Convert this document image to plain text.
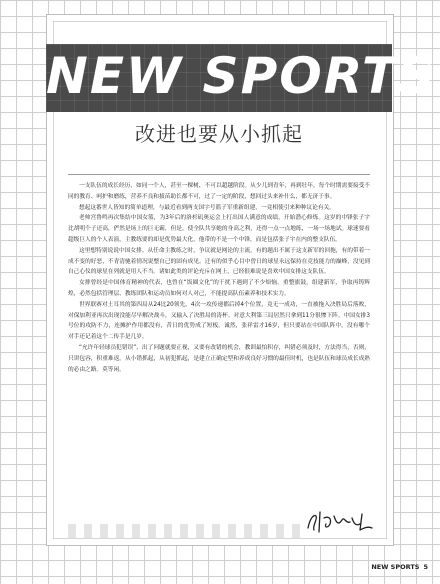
NEW SPORTS
改进也要从小抓起

一支队伍的成长经历，如同一个人，甚至一棵树，不可以超越阶段。从少儿到青年，再到壮年，每个时期需要接受不同的教育、呵护和磨练，营养不良和拔苗助长都不可，过了一定的阶段，想回过头来补什么，都无济于事。

想起这番世人皆知的简单道理，与最近看到两支国字号篮子军重新组建，一竟相使引来种种议论有关。

老帅宫鲁鸣再次集结中国女篮，为3年后的洛杉矶奥运会上打出国人满意的成绩，开始潜心修炼。这岁的中锋张子宇比胡明个子还高，俨然是场上的巨无霸，但是，使全队共享她的身高之利，还得一点一点地练，一场一场地试。球迷要看超级巨人的个人表演，主教练要的却是优势最大化，他带的不是一个中锋，而是包括张子宇在内的整支队伍。

这里想特别说说中国女排。从任命主教练之时，争议就是网论的主流。有的题出不属于这支新军的回拖，有的带着一成不变的好恶，不青清驰着情况说整自己的固有成见。迁有的似乎心目中曾日的球星永远保持在竞技能力的巅峰，没见到自己心仪的球星在列就是用人不当。诸如此类的评论充斥在网上，已经很难说是喜欢中国女排这支队伍。

女排曾经是中国体育精神的代表，也曾在“饭圈文化”的干扰下遇到了不少烦恼。重整旗鼓，组建新军，争取再铸辉煌，必然包括管理层、教练团队和运动员如何对人对己，不能提高队伍素养和技术实力。

世界联赛对土耳其的第四局从24比20领先，4次一攻传递都后掉4个位置，竟无一成功，一直被拖入决胜局后落败，对保加利亚再次出现没能尽早解决战斗，又输入了决胜局的涛杯。对意大利第三局居然只拿到11分很惨下阵。中国女排3号位的攻防不力，连摊护作用都没有，昔日的优势成了短板。诚然，张祥雷才16岁，但只要站在中国队阵中，没有哪个对手还记着这个二传手是几岁。

“允许年轻球员犯错误”，出了问题就要正视，又要有改错的机会，教训最怕积存，纠错必须及时，方法得当，否则，只讲包容，积重难返。从小错抓起，从初犯抓起，是建立正确定型和养成良好习惯的最佳时机，也是队伍和球员成长成熟的必由之路。莫等闲。

NEW SPORTS 5
